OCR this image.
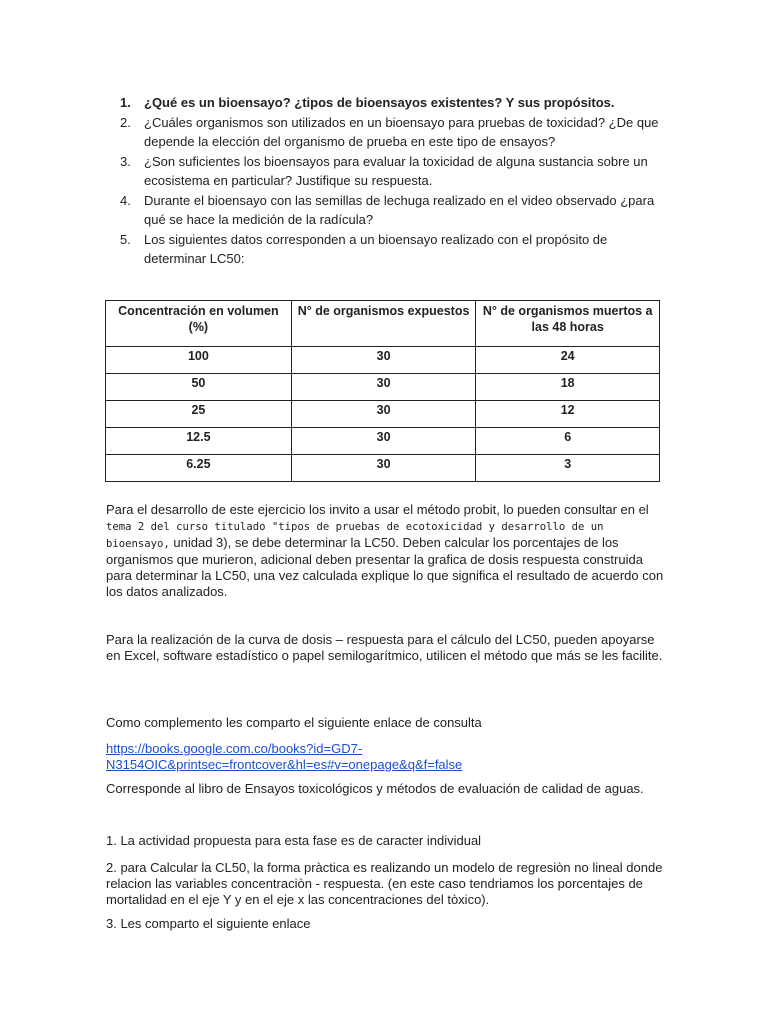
1. ¿Qué es un bioensayo? ¿tipos de bioensayos existentes? Y sus propósitos.
2. ¿Cuáles organismos son utilizados en un bioensayo para pruebas de toxicidad? ¿De que depende la elección del organismo de prueba en este tipo de ensayos?
3. ¿Son suficientes los bioensayos para evaluar la toxicidad de alguna sustancia sobre un ecosistema en particular? Justifique su respuesta.
4. Durante el bioensayo con las semillas de lechuga realizado en el video observado ¿para qué se hace la medición de la radícula?
5. Los siguientes datos corresponden a un bioensayo realizado con el propósito de determinar LC50:
Concentración en volumen (%)	N° de organismos expuestos	N° de organismos muertos a las 48 horas
100	30	24
50	30	18
25	30	12
12.5	30	6
6.25	30	3

Para el desarrollo de este ejercicio los invito a usar el método probit, lo pueden consultar en el tema 2 del curso titulado "tipos de pruebas de ecotoxicidad y desarrollo de un bioensayo, unidad 3), se debe determinar la LC50. Deben calcular los porcentajes de los organismos que murieron, adicional deben presentar la grafica de dosis respuesta construida para determinar la LC50, una vez calculada explique lo que significa el resultado de acuerdo con los datos analizados.

Para la realización de la curva de dosis – respuesta para el cálculo del LC50, pueden apoyarse en Excel, software estadístico o papel semilogarítmico, utilicen el método que más se les facilite.

Como complemento les comparto el siguiente enlace de consulta

https://books.google.com.co/books?id=GD7-
N3154OIC&printsec=frontcover&hl=es#v=onepage&q&f=false

Corresponde al libro de Ensayos toxicológicos y métodos de evaluación de calidad de aguas.

1. La actividad propuesta para esta fase es de caracter individual

2. para Calcular la CL50, la forma pràctica es realizando un modelo de regresiòn no lineal donde relacion las variables concentraciòn - respuesta. (en este caso tendriamos los porcentajes de mortalidad en el eje Y y en el eje x las concentraciones del tòxico).

3. Les comparto el siguiente enlace
